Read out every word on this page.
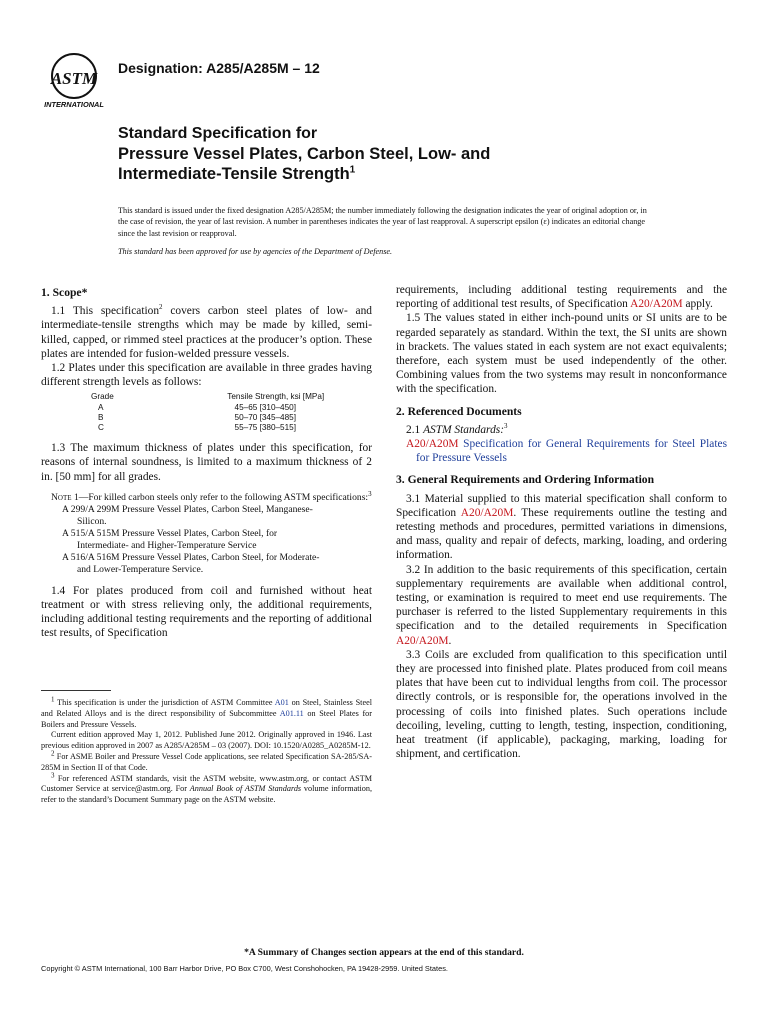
ASTM
INTERNATIONAL
Designation: A285/A285M – 12
Standard Specification for
Pressure Vessel Plates, Carbon Steel, Low- and
Intermediate-Tensile Strength$^1$

This standard is issued under the fixed designation A285/A285M; the number immediately following the designation indicates the year of original adoption or, in the case of revision, the year of last revision. A number in parentheses indicates the year of last reapproval. A superscript epsilon (ε) indicates an editorial change since the last revision or reapproval.

This standard has been approved for use by agencies of the Department of Defense.

1. Scope*

1.1 This specification$^2$ covers carbon steel plates of low- and intermediate-tensile strengths which may be made by killed, semi-killed, capped, or rimmed steel practices at the producer’s option. These plates are intended for fusion-welded pressure vessels.

1.2 Plates under this specification are available in three grades having different strength levels as follows:

Grade	Tensile Strength, ksi [MPa]
A	45–65 [310–450]
B	50–70 [345–485]
C	55–75 [380–515]

1.3 The maximum thickness of plates under this specification, for reasons of internal soundness, is limited to a maximum thickness of 2 in. [50 mm] for all grades.

Note 1—For killed carbon steels only refer to the following ASTM specifications:$^3$

A 299/A 299M Pressure Vessel Plates, Carbon Steel, Manganese-

Silicon.

A 515/A 515M Pressure Vessel Plates, Carbon Steel, for

Intermediate- and Higher-Temperature Service

A 516/A 516M Pressure Vessel Plates, Carbon Steel, for Moderate-

and Lower-Temperature Service.

1.4 For plates produced from coil and furnished without heat treatment or with stress relieving only, the additional requirements, including additional testing requirements and the reporting of additional test results, of Specification

$^1$ This specification is under the jurisdiction of ASTM Committee A01 on Steel, Stainless Steel and Related Alloys and is the direct responsibility of Subcommittee A01.11 on Steel Plates for Boilers and Pressure Vessels.

Current edition approved May 1, 2012. Published June 2012. Originally approved in 1946. Last previous edition approved in 2007 as A285/A285M – 03 (2007). DOI: 10.1520/A0285_A0285M-12.

$^2$ For ASME Boiler and Pressure Vessel Code applications, see related Specification SA-285/SA-285M in Section II of that Code.

$^3$ For referenced ASTM standards, visit the ASTM website, www.astm.org, or contact ASTM Customer Service at service@astm.org. For Annual Book of ASTM Standards volume information, refer to the standard’s Document Summary page on the ASTM website.

requirements, including additional testing requirements and the reporting of additional test results, of Specification A20/A20M apply.

1.5 The values stated in either inch-pound units or SI units are to be regarded separately as standard. Within the text, the SI units are shown in brackets. The values stated in each system are not exact equivalents; therefore, each system must be used independently of the other. Combining values from the two systems may result in nonconformance with the specification.

2. Referenced Documents

2.1 ASTM Standards:$^3$

A20/A20M Specification for General Requirements for Steel Plates for Pressure Vessels

3. General Requirements and Ordering Information

3.1 Material supplied to this material specification shall conform to Specification A20/A20M. These requirements outline the testing and retesting methods and procedures, permitted variations in dimensions, and mass, quality and repair of defects, marking, loading, and ordering information.

3.2 In addition to the basic requirements of this specification, certain supplementary requirements are available when additional control, testing, or examination is required to meet end use requirements. The purchaser is referred to the listed Supplementary requirements in this specification and to the detailed requirements in Specification A20/A20M.

3.3 Coils are excluded from qualification to this specification until they are processed into finished plate. Plates produced from coil means plates that have been cut to individual lengths from coil. The processor directly controls, or is responsible for, the operations involved in the processing of coils into finished plates. Such operations include decoiling, leveling, cutting to length, testing, inspection, conditioning, heat treatment (if applicable), packaging, marking, loading for shipment, and certification.

*A Summary of Changes section appears at the end of this standard.
Copyright © ASTM International, 100 Barr Harbor Drive, PO Box C700, West Conshohocken, PA 19428-2959. United States.
